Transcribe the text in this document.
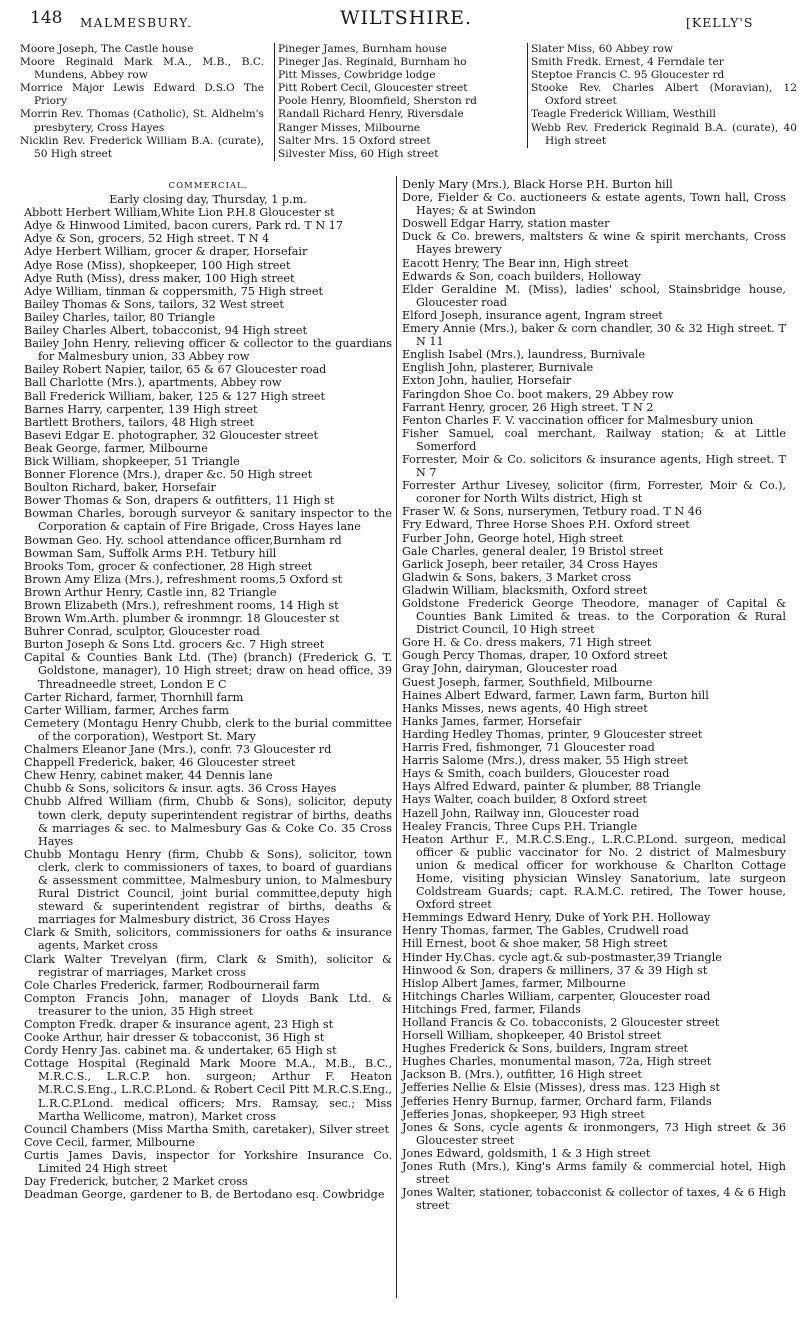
148 MALMESBURY.	WILTSHIRE.	[KELLY'S

Moore Joseph, The Castle house

Moore Reginald Mark M.A., M.B., B.C. Mundens, Abbey row

Morrice Major Lewis Edward D.S.O The Priory

Morrin Rev. Thomas (Catholic), St. Aldhelm's presbytery, Cross Hayes

Nicklin Rev. Frederick William B.A. (curate), 50 High street

Pineger James, Burnham house

Pineger Jas. Reginald, Burnham ho

Pitt Misses, Cowbridge lodge

Pitt Robert Cecil, Gloucester street

Poole Henry, Bloomfield, Sherston rd

Randall Richard Henry, Riversdale

Ranger Misses, Milbourne

Salter Mrs. 15 Oxford street

Silvester Miss, 60 High street

Slater Miss, 60 Abbey row

Smith Fredk. Ernest, 4 Ferndale ter

Steptoe Francis C. 95 Gloucester rd

Stooke Rev. Charles Albert (Moravian), 12 Oxford street

Teagle Frederick William, Westhill

Webb Rev. Frederick Reginald B.A. (curate), 40 High street

COMMERCIAL.

Early closing day, Thursday, 1 p.m.

Abbott Herbert William,White Lion P.H.8 Gloucester st

Adye & Hinwood Limited, bacon curers, Park rd. T N 17

Adye & Son, grocers, 52 High street. T N 4

Adye Herbert William, grocer & draper, Horsefair

Adye Rose (Miss), shopkeeper, 100 High street

Adye Ruth (Miss), dress maker, 100 High street

Adye William, tinman & coppersmith, 75 High street

Bailey Thomas & Sons, tailors, 32 West street

Bailey Charles, tailor, 80 Triangle

Bailey Charles Albert, tobacconist, 94 High street

Bailey John Henry, relieving officer & collector to the guardians for Malmesbury union, 33 Abbey row

Bailey Robert Napier, tailor, 65 & 67 Gloucester road

Ball Charlotte (Mrs.), apartments, Abbey row

Ball Frederick William, baker, 125 & 127 High street

Barnes Harry, carpenter, 139 High street

Bartlett Brothers, tailors, 48 High street

Basevi Edgar E. photographer, 32 Gloucester street

Beak George, farmer, Milbourne

Bick William, shopkeeper, 51 Triangle

Bonner Florence (Mrs.), draper &c. 50 High street

Boulton Richard, baker, Horsefair

Bower Thomas & Son, drapers & outfitters, 11 High st

Bowman Charles, borough surveyor & sanitary inspector to the Corporation & captain of Fire Brigade, Cross Hayes lane

Bowman Geo. Hy. school attendance officer,Burnham rd

Bowman Sam, Suffolk Arms P.H. Tetbury hill

Brooks Tom, grocer & confectioner, 28 High street

Brown Amy Eliza (Mrs.), refreshment rooms,5 Oxford st

Brown Arthur Henry, Castle inn, 82 Triangle

Brown Elizabeth (Mrs.), refreshment rooms, 14 High st

Brown Wm.Arth. plumber & ironmngr. 18 Gloucester st

Buhrer Conrad, sculptor, Gloucester road

Burton Joseph & Sons Ltd. grocers &c. 7 High street

Capital & Counties Bank Ltd. (The) (branch) (Frederick G. T. Goldstone, manager), 10 High street; draw on head office, 39 Threadneedle street, London E C

Carter Richard, farmer, Thornhill farm

Carter William, farmer, Arches farm

Cemetery (Montagu Henry Chubb, clerk to the burial committee of the corporation), Westport St. Mary

Chalmers Eleanor Jane (Mrs.), confr. 73 Gloucester rd

Chappell Frederick, baker, 46 Gloucester street

Chew Henry, cabinet maker, 44 Dennis lane

Chubb & Sons, solicitors & insur. agts. 36 Cross Hayes

Chubb Alfred William (firm, Chubb & Sons), solicitor, deputy town clerk, deputy superintendent registrar of births, deaths & marriages & sec. to Malmesbury Gas & Coke Co. 35 Cross Hayes

Chubb Montagu Henry (firm, Chubb & Sons), solicitor, town clerk, clerk to commissioners of taxes, to board of guardians & assessment committee, Malmesbury union, to Malmesbury Rural District Council, joint burial committee,deputy high steward & superintendent registrar of births, deaths & marriages for Malmesbury district, 36 Cross Hayes

Clark & Smith, solicitors, commissioners for oaths & insurance agents, Market cross

Clark Walter Trevelyan (firm, Clark & Smith), solicitor & registrar of marriages, Market cross

Cole Charles Frederick, farmer, Rodbournerail farm

Compton Francis John, manager of Lloyds Bank Ltd. & treasurer to the union, 35 High street

Compton Fredk. draper & insurance agent, 23 High st

Cooke Arthur, hair dresser & tobacconist, 36 High st

Cordy Henry Jas. cabinet ma. & undertaker, 65 High st

Cottage Hospital (Reginald Mark Moore M.A., M.B., B.C., M.R.C.S., L.R.C.P. hon. surgeon; Arthur F. Heaton M.R.C.S.Eng., L.R.C.P.Lond. & Robert Cecil Pitt M.R.C.S.Eng., L.R.C.P.Lond. medical officers; Mrs. Ramsay, sec.; Miss Martha Wellicome, matron), Market cross

Council Chambers (Miss Martha Smith, caretaker), Silver street

Cove Cecil, farmer, Milbourne

Curtis James Davis, inspector for Yorkshire Insurance Co. Limited 24 High street

Day Frederick, butcher, 2 Market cross

Deadman George, gardener to B. de Bertodano esq. Cowbridge

Denly Mary (Mrs.), Black Horse P.H. Burton hill

Dore, Fielder & Co. auctioneers & estate agents, Town hall, Cross Hayes; & at Swindon

Doswell Edgar Harry, station master

Duck & Co. brewers, maltsters & wine & spirit merchants, Cross Hayes brewery

Eacott Henry, The Bear inn, High street

Edwards & Son, coach builders, Holloway

Elder Geraldine M. (Miss), ladies' school, Stainsbridge house, Gloucester road

Elford Joseph, insurance agent, Ingram street

Emery Annie (Mrs.), baker & corn chandler, 30 & 32 High street. T N 11

English Isabel (Mrs.), laundress, Burnivale

English John, plasterer, Burnivale

Exton John, haulier, Horsefair

Faringdon Shoe Co. boot makers, 29 Abbey row

Farrant Henry, grocer, 26 High street. T N 2

Fenton Charles F. V. vaccination officer for Malmesbury union

Fisher Samuel, coal merchant, Railway station; & at Little Somerford

Forrester, Moir & Co. solicitors & insurance agents, High street. T N 7

Forrester Arthur Livesey, solicitor (firm, Forrester, Moir & Co.), coroner for North Wilts district, High st

Fraser W. & Sons, nurserymen, Tetbury road. T N 46

Fry Edward, Three Horse Shoes P.H. Oxford street

Furber John, George hotel, High street

Gale Charles, general dealer, 19 Bristol street

Garlick Joseph, beer retailer, 34 Cross Hayes

Gladwin & Sons, bakers, 3 Market cross

Gladwin William, blacksmith, Oxford street

Goldstone Frederick George Theodore, manager of Capital & Counties Bank Limited & treas. to the Corporation & Rural District Council, 10 High street

Gore H. & Co. dress makers, 71 High street

Gough Percy Thomas, draper, 10 Oxford street

Gray John, dairyman, Gloucester road

Guest Joseph, farmer, Southfield, Milbourne

Haines Albert Edward, farmer, Lawn farm, Burton hill

Hanks Misses, news agents, 40 High street

Hanks James, farmer, Horsefair

Harding Hedley Thomas, printer, 9 Gloucester street

Harris Fred, fishmonger, 71 Gloucester road

Harris Salome (Mrs.), dress maker, 55 High street

Hays & Smith, coach builders, Gloucester road

Hays Alfred Edward, painter & plumber, 88 Triangle

Hays Walter, coach builder, 8 Oxford street

Hazell John, Railway inn, Gloucester road

Healey Francis, Three Cups P.H. Triangle

Heaton Arthur F., M.R.C.S.Eng., L.R.C.P.Lond. surgeon, medical officer & public vaccinator for No. 2 district of Malmesbury union & medical officer for workhouse & Charlton Cottage Home, visiting physician Winsley Sanatorium, late surgeon Coldstream Guards; capt. R.A.M.C. retired, The Tower house, Oxford street

Hemmings Edward Henry, Duke of York P.H. Holloway

Henry Thomas, farmer, The Gables, Crudwell road

Hill Ernest, boot & shoe maker, 58 High street

Hinder Hy.Chas. cycle agt.& sub-postmaster,39 Triangle

Hinwood & Son, drapers & milliners, 37 & 39 High st

Hislop Albert James, farmer, Milbourne

Hitchings Charles William, carpenter, Gloucester road

Hitchings Fred, farmer, Filands

Holland Francis & Co. tobacconists, 2 Gloucester street

Horsell William, shopkeeper, 40 Bristol street

Hughes Frederick & Sons, builders, Ingram street

Hughes Charles, monumental mason, 72a, High street

Jackson B. (Mrs.), outfitter, 16 High street

Jefferies Nellie & Elsie (Misses), dress mas. 123 High st

Jefferies Henry Burnup, farmer, Orchard farm, Filands

Jefferies Jonas, shopkeeper, 93 High street

Jones & Sons, cycle agents & ironmongers, 73 High street & 36 Gloucester street

Jones Edward, goldsmith, 1 & 3 High street

Jones Ruth (Mrs.), King's Arms family & commercial hotel, High street

Jones Walter, stationer, tobacconist & collector of taxes, 4 & 6 High street
